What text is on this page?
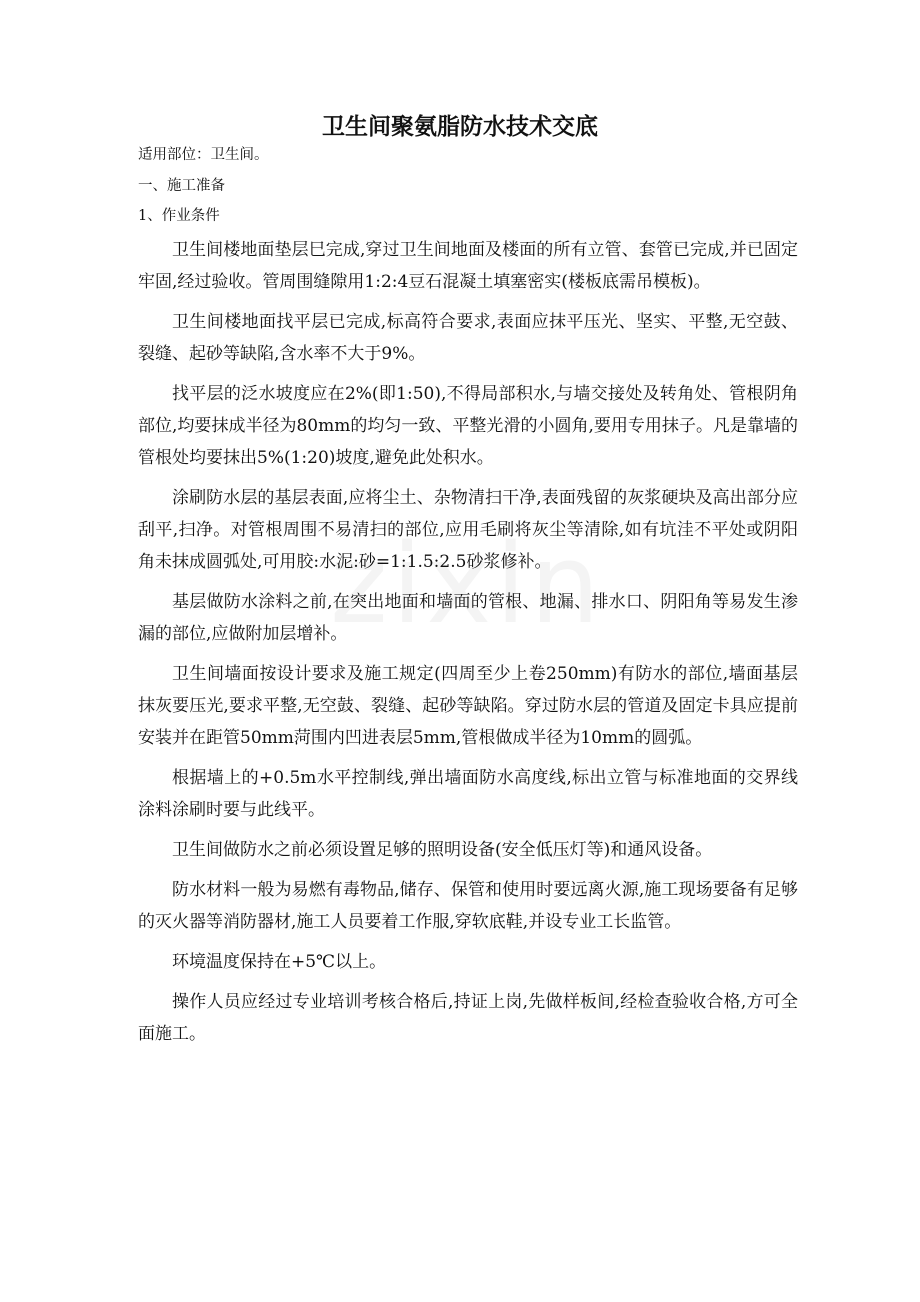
卫生间聚氨脂防水技术交底
适用部位：卫生间。
一、施工准备
1、作业条件

卫生间楼地面垫层巳完成,穿过卫生间地面及楼面的所有立管、套管已完成,并已固定牢固,经过验收。管周围缝隙用1:2:4豆石混凝土填塞密实(楼板底需吊模板)。

卫生间楼地面找平层已完成,标高符合要求,表面应抹平压光、坚实、平整,无空鼓、裂缝、起砂等缺陷,含水率不大于9%。

找平层的泛水坡度应在2%(即1:50),不得局部积水,与墙交接处及转角处、管根阴角部位,均要抹成半径为80mm的均匀一致、平整光滑的小圆角,要用专用抹子。凡是靠墙的管根处均要抹出5%(1:20)坡度,避免此处积水。

涂刷防水层的基层表面,应将尘土、杂物清扫干净,表面残留的灰浆硬块及高出部分应刮平,扫净。对管根周围不易清扫的部位,应用毛刷将灰尘等清除,如有坑洼不平处或阴阳角未抹成圆弧处,可用胶:水泥:砂=1:1.5:2.5砂浆修补。

基层做防水涂料之前,在突出地面和墙面的管根、地漏、排水口、阴阳角等易发生渗漏的部位,应做附加层增补。

卫生间墙面按设计要求及施工规定(四周至少上卷250mm)有防水的部位,墙面基层抹灰要压光,要求平整,无空鼓、裂缝、起砂等缺陷。穿过防水层的管道及固定卡具应提前安装并在距管50mm菏围内凹进表层5mm,管根做成半径为10mm的圆弧。

根据墙上的+0.5m水平控制线,弹出墙面防水高度线,标出立管与标准地面的交界线涂料涂刷时要与此线平。

卫生间做防水之前必须设置足够的照明设备(安全低压灯等)和通风设备。

防水材料一般为易燃有毒物品,储存、保管和使用时要远离火源,施工现场要备有足够的灭火器等消防器材,施工人员要着工作服,穿软底鞋,并设专业工长监管。

环境温度保持在+5℃以上。

操作人员应经过专业培训考核合格后,持证上岗,先做样板间,经检查验收合格,方可全面施工。
